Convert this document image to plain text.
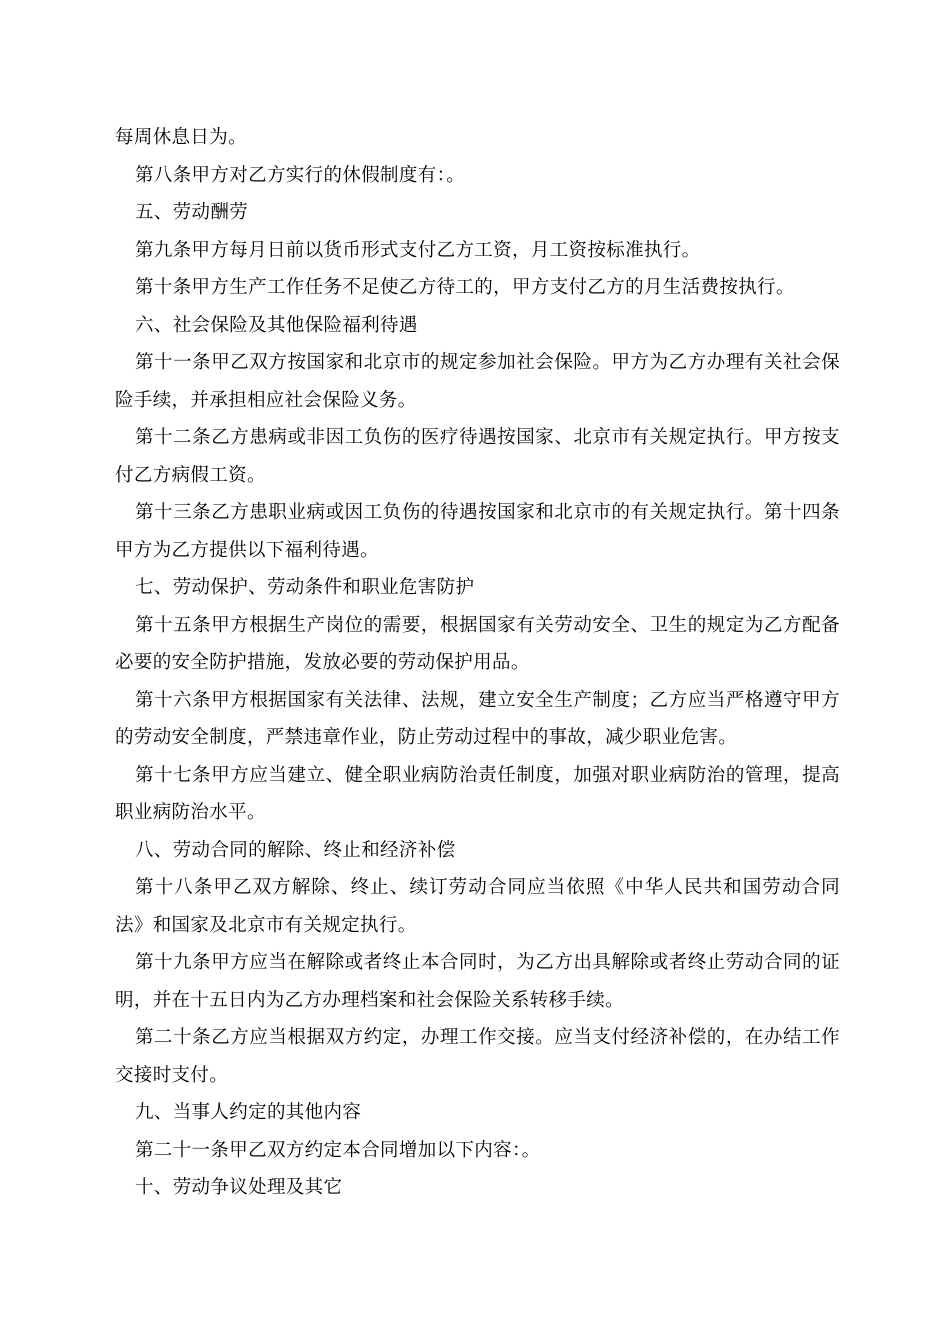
每周休息日为。

第八条甲方对乙方实行的休假制度有：。

五、劳动酬劳

第九条甲方每月日前以货币形式支付乙方工资，月工资按标准执行。

第十条甲方生产工作任务不足使乙方待工的，甲方支付乙方的月生活费按执行。

六、社会保险及其他保险福利待遇

第十一条甲乙双方按国家和北京市的规定参加社会保险。甲方为乙方办理有关社会保险手续，并承担相应社会保险义务。

第十二条乙方患病或非因工负伤的医疗待遇按国家、北京市有关规定执行。甲方按支付乙方病假工资。

第十三条乙方患职业病或因工负伤的待遇按国家和北京市的有关规定执行。第十四条甲方为乙方提供以下福利待遇。

七、劳动保护、劳动条件和职业危害防护

第十五条甲方根据生产岗位的需要，根据国家有关劳动安全、卫生的规定为乙方配备必要的安全防护措施，发放必要的劳动保护用品。

第十六条甲方根据国家有关法律、法规，建立安全生产制度；乙方应当严格遵守甲方的劳动安全制度，严禁违章作业，防止劳动过程中的事故，减少职业危害。

第十七条甲方应当建立、健全职业病防治责任制度，加强对职业病防治的管理，提高职业病防治水平。

八、劳动合同的解除、终止和经济补偿

第十八条甲乙双方解除、终止、续订劳动合同应当依照《中华人民共和国劳动合同法》和国家及北京市有关规定执行。

第十九条甲方应当在解除或者终止本合同时，为乙方出具解除或者终止劳动合同的证明，并在十五日内为乙方办理档案和社会保险关系转移手续。

第二十条乙方应当根据双方约定，办理工作交接。应当支付经济补偿的，在办结工作交接时支付。

九、当事人约定的其他内容

第二十一条甲乙双方约定本合同增加以下内容：。

十、劳动争议处理及其它
